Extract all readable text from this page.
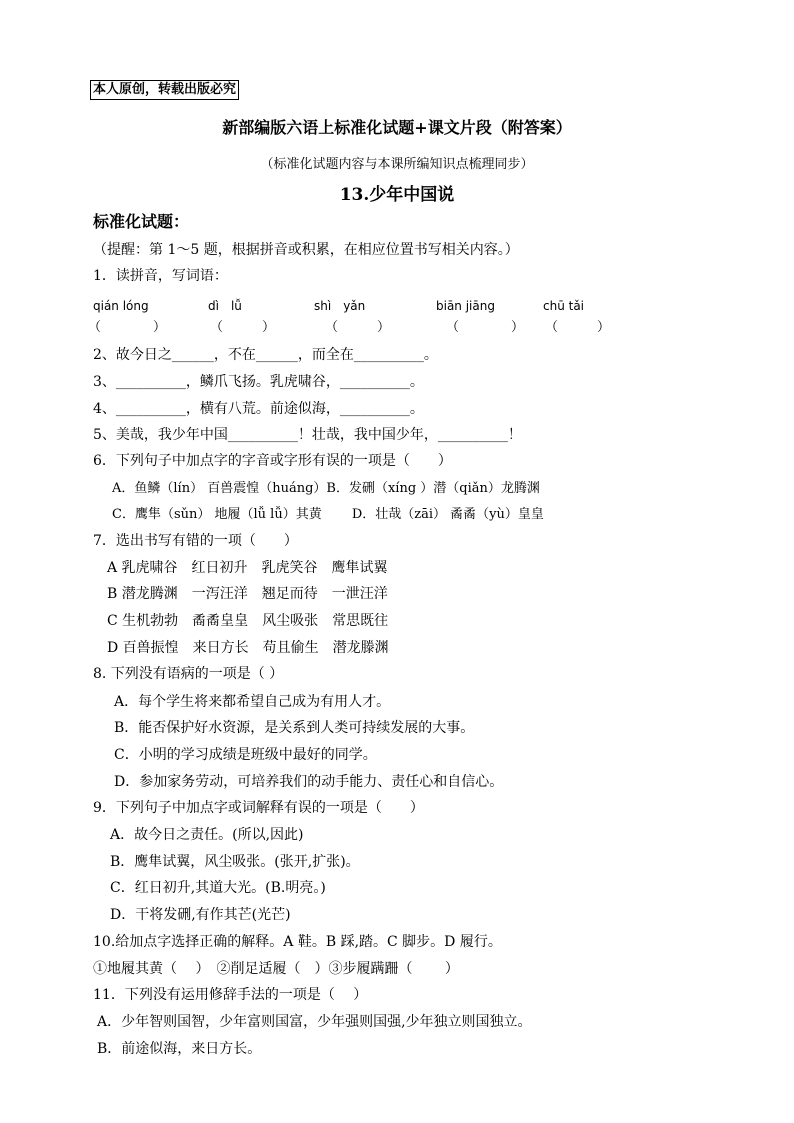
本人原创，转载出版必究
新部编版六语上标准化试题+课文片段（附答案）
（标准化试题内容与本课所编知识点梳理同步）
13.少年中国说
标准化试题：
（提醒：第 1～5 题，根据拼音或积累，在相应位置书写相关内容。）
1．读拼音，写词语：
qián lóng	dì　lǚ	shì　yǎn	biān jiāng	chū tǎi
（　　　　）	（　　　）	（　　　）	（　　　　） （　　　）
2、故今日之______，不在______，而全在__________。
3、__________，鳞爪飞扬。乳虎啸谷，__________。
4、__________，横有八荒。前途似海，__________。
5、美哉，我少年中国__________！壮哉，我中国少年，__________！
6．下列句子中加点字的字音或字形有误的一项是（　　）
A．鱼鳞（lín） 百兽震惶（huáng）B．发硎（xíng ）潜（qiǎn）龙腾渊
C．鹰隼（sǔn） 地履（lǚ lǚ）其黄　　 D．壮哉（zāi） 矞矞（yù）皇皇
7．选出书写有错的一项（　　）
A 乳虎啸谷　红日初升　乳虎笑谷　鹰隼试翼
B 潜龙腾渊　一泻汪洋　翘足而待　一泄汪洋
C 生机勃勃　矞矞皇皇　风尘吸张　常思既往
D 百兽振惶　来日方长　苟且偷生　潜龙滕渊
8. 下列没有语病的一项是（ ）
A．每个学生将来都希望自己成为有用人才。
B．能否保护好水资源，是关系到人类可持续发展的大事。
C．小明的学习成绩是班级中最好的同学。
D．参加家务劳动，可培养我们的动手能力、责任心和自信心。
9．下列句子中加点字或词解释有误的一项是（　　）
A．故今日之责任。(所以,因此)
B．鹰隼试翼，风尘吸张。(张开,扩张)。
C．红日初升,其道大光。(B.明亮。)
D．干将发硎,有作其芒(光芒)
10.给加点字选择正确的解释。A 鞋。B 踩,踏。C 脚步。D 履行。
①地履其黄（　 ）　②削足适履（　）③步履蹒跚（　　 ）
11．下列没有运用修辞手法的一项是（　 ）
A．少年智则国智，少年富则国富，少年强则国强,少年独立则国独立。
B．前途似海，来日方长。
